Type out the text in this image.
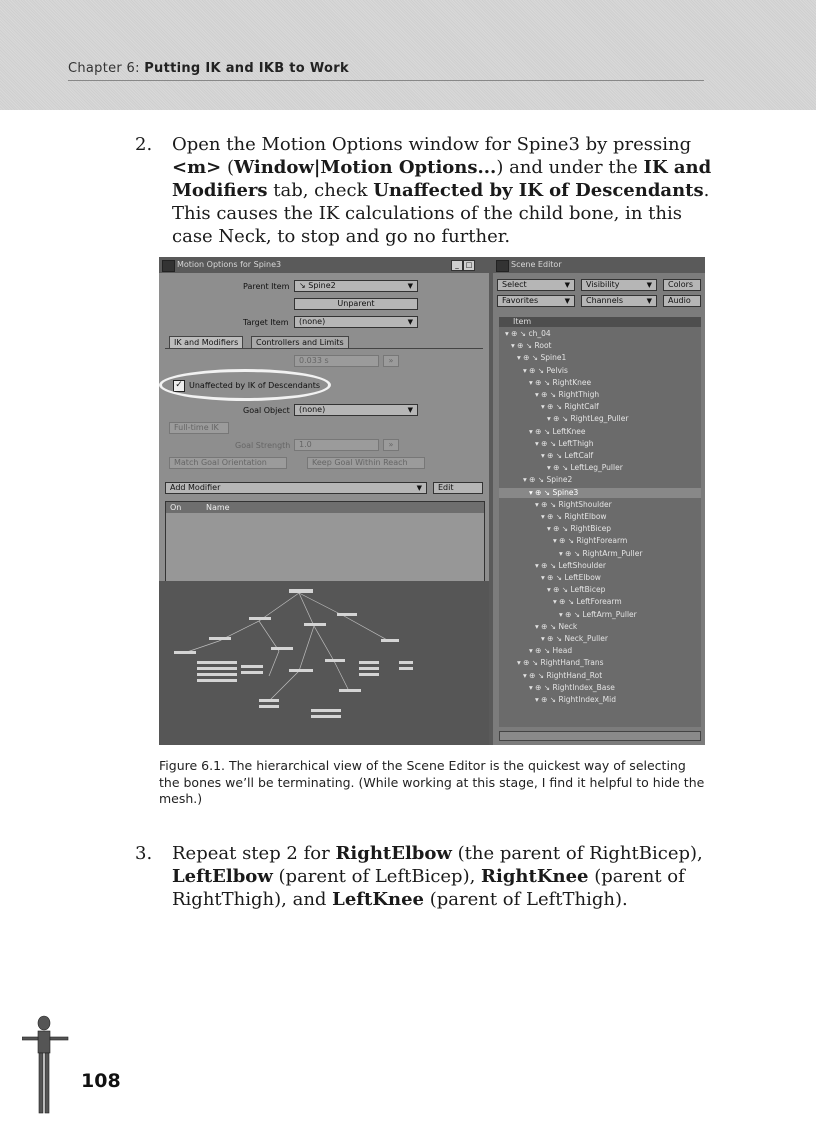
Chapter 6: Putting IK and IKB to Work
2. Open the Motion Options window for Spine3 by pressing <m> (Window|Motion Options...) and under the IK and Modifiers tab, check Unaffected by IK of Descendants. This causes the IK calculations of the child bone, in this case Neck, to stop and go no further.
Motion Options for Spine3	_ □
Parent Item	↘ Spine2 ▼
Unparent
Target Item	(none) ▼
IK and Modifiers	Controllers and Limits
0.033 s	»
✓ Unaffected by IK of Descendants
Goal Object	(none) ▼
Full-time IK
Goal Strength	1.0	»
Match Goal Orientation	Keep Goal Within Reach
Add Modifier ▼	Edit
On	Name
Scene Editor
Select ▼	Visibility ▼	Colors
Favorites ▼	Channels ▼	Audio
Item
▾ ⊕ ↘ ch_04
▾ ⊕ ↘ Root
▾ ⊕ ↘ Spine1
▾ ⊕ ↘ Pelvis
▾ ⊕ ↘ RightKnee
▾ ⊕ ↘ RightThigh
▾ ⊕ ↘ RightCalf
▾ ⊕ ↘ RightLeg_Puller
▾ ⊕ ↘ LeftKnee
▾ ⊕ ↘ LeftThigh
▾ ⊕ ↘ LeftCalf
▾ ⊕ ↘ LeftLeg_Puller
▾ ⊕ ↘ Spine2
▾ ⊕ ↘ Spine3
▾ ⊕ ↘ RightShoulder
▾ ⊕ ↘ RightElbow
▾ ⊕ ↘ RightBicep
▾ ⊕ ↘ RightForearm
▾ ⊕ ↘ RightArm_Puller
▾ ⊕ ↘ LeftShoulder
▾ ⊕ ↘ LeftElbow
▾ ⊕ ↘ LeftBicep
▾ ⊕ ↘ LeftForearm
▾ ⊕ ↘ LeftArm_Puller
▾ ⊕ ↘ Neck
▾ ⊕ ↘ Neck_Puller
▾ ⊕ ↘ Head
▾ ⊕ ↘ RightHand_Trans
▾ ⊕ ↘ RightHand_Rot
▾ ⊕ ↘ RightIndex_Base
▾ ⊕ ↘ RightIndex_Mid
Figure 6.1. The hierarchical view of the Scene Editor is the quickest way of selecting the bones we’ll be terminating. (While working at this stage, I find it helpful to hide the mesh.)
3. Repeat step 2 for RightElbow (the parent of RightBicep), LeftElbow (parent of LeftBicep), RightKnee (parent of RightThigh), and LeftKnee (parent of LeftThigh).
108
